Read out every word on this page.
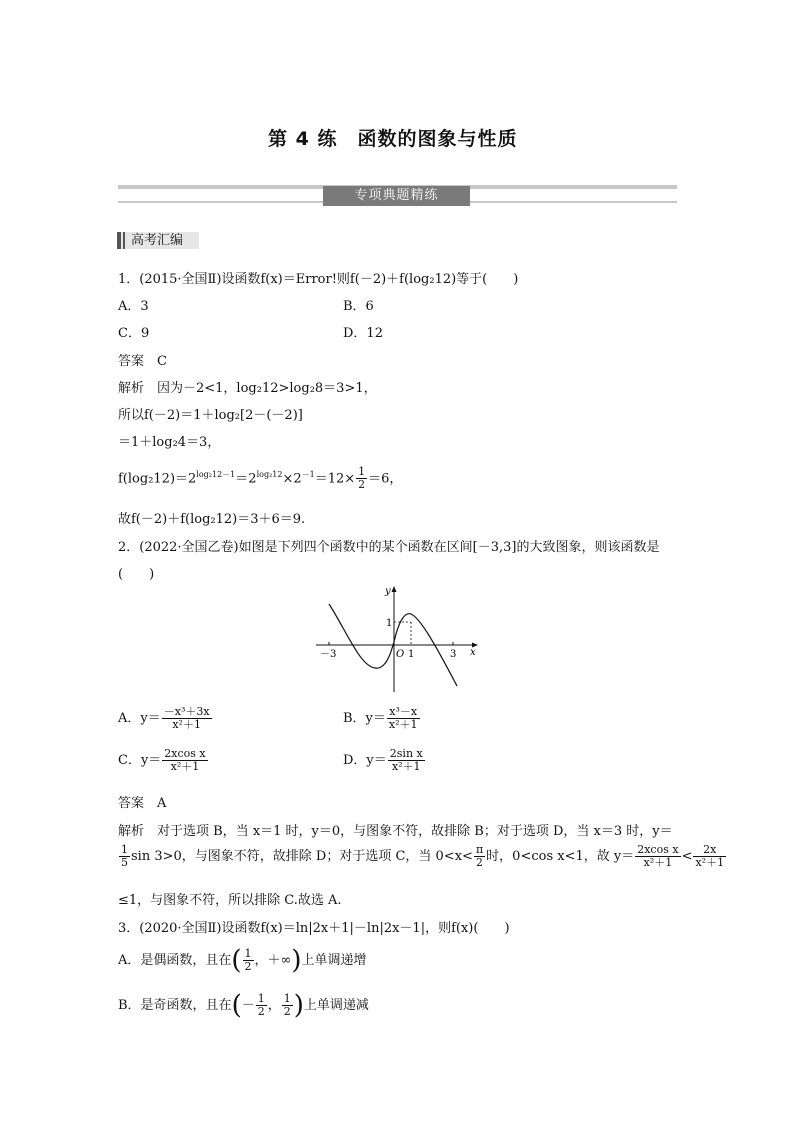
第 4 练　函数的图象与性质
专项典题精练
高考汇编
1．(2015·全国Ⅱ)设函数f(x)＝Error!则f(－2)＋f(log₂12)等于(　　)
A．3	B．6
C．9	D．12
答案　C
解析　因为－2<1，log₂12>log₂8＝3>1，
所以f(－2)＝1＋log₂[2－(－2)]
＝1＋log₂4＝3，
$f(\log_212)=2^{log_212-1}=2^{log_212}\times 2^{-1}=12\times \frac{1}{2} =6$，
故f(－2)＋f(log₂12)＝3＋6＝9.
2．(2022·全国乙卷)如图是下列四个函数中的某个函数在区间[－3,3]的大致图象，则该函数是
(　　)
y
x
－3	1	3
1
O
A．$y= \frac{\text{－x³＋3x}}{\text{x²＋1}}$	B．$y= \frac{\text{x³－x}}{\text{x²＋1}}$
C．$y= \frac{\text{2xcos x}}{\text{x²＋1}}$	D．$y= \frac{\text{2sin x}}{\text{x²＋1}}$
答案　A
解析　对于选项 B，当 x＝1 时，y＝0，与图象不符，故排除 B；对于选项 D，当 x＝3 时，y＝
$\frac{1}{5}$ sin 3>0，与图象不符，故排除 D；对于选项 C，当 $0<x< \frac{\pi}{2}$ 时，0<cos x<1，故 $y= \frac{\text{2xcos x}}{\text{x²＋1}} < \frac{2x}{\text{x²＋1}}$
≤1，与图象不符，所以排除 C.故选 A.
3．(2020·全国Ⅱ)设函数f(x)＝ln|2x＋1|－ln|2x－1|，则f(x)(　　)
A．是偶函数，且在( $\frac{1}{2}$ ，＋∞)上单调递增
B．是奇函数，且在(－ $\frac{1}{2}$ ， $\frac{1}{2}$ )上单调递减
